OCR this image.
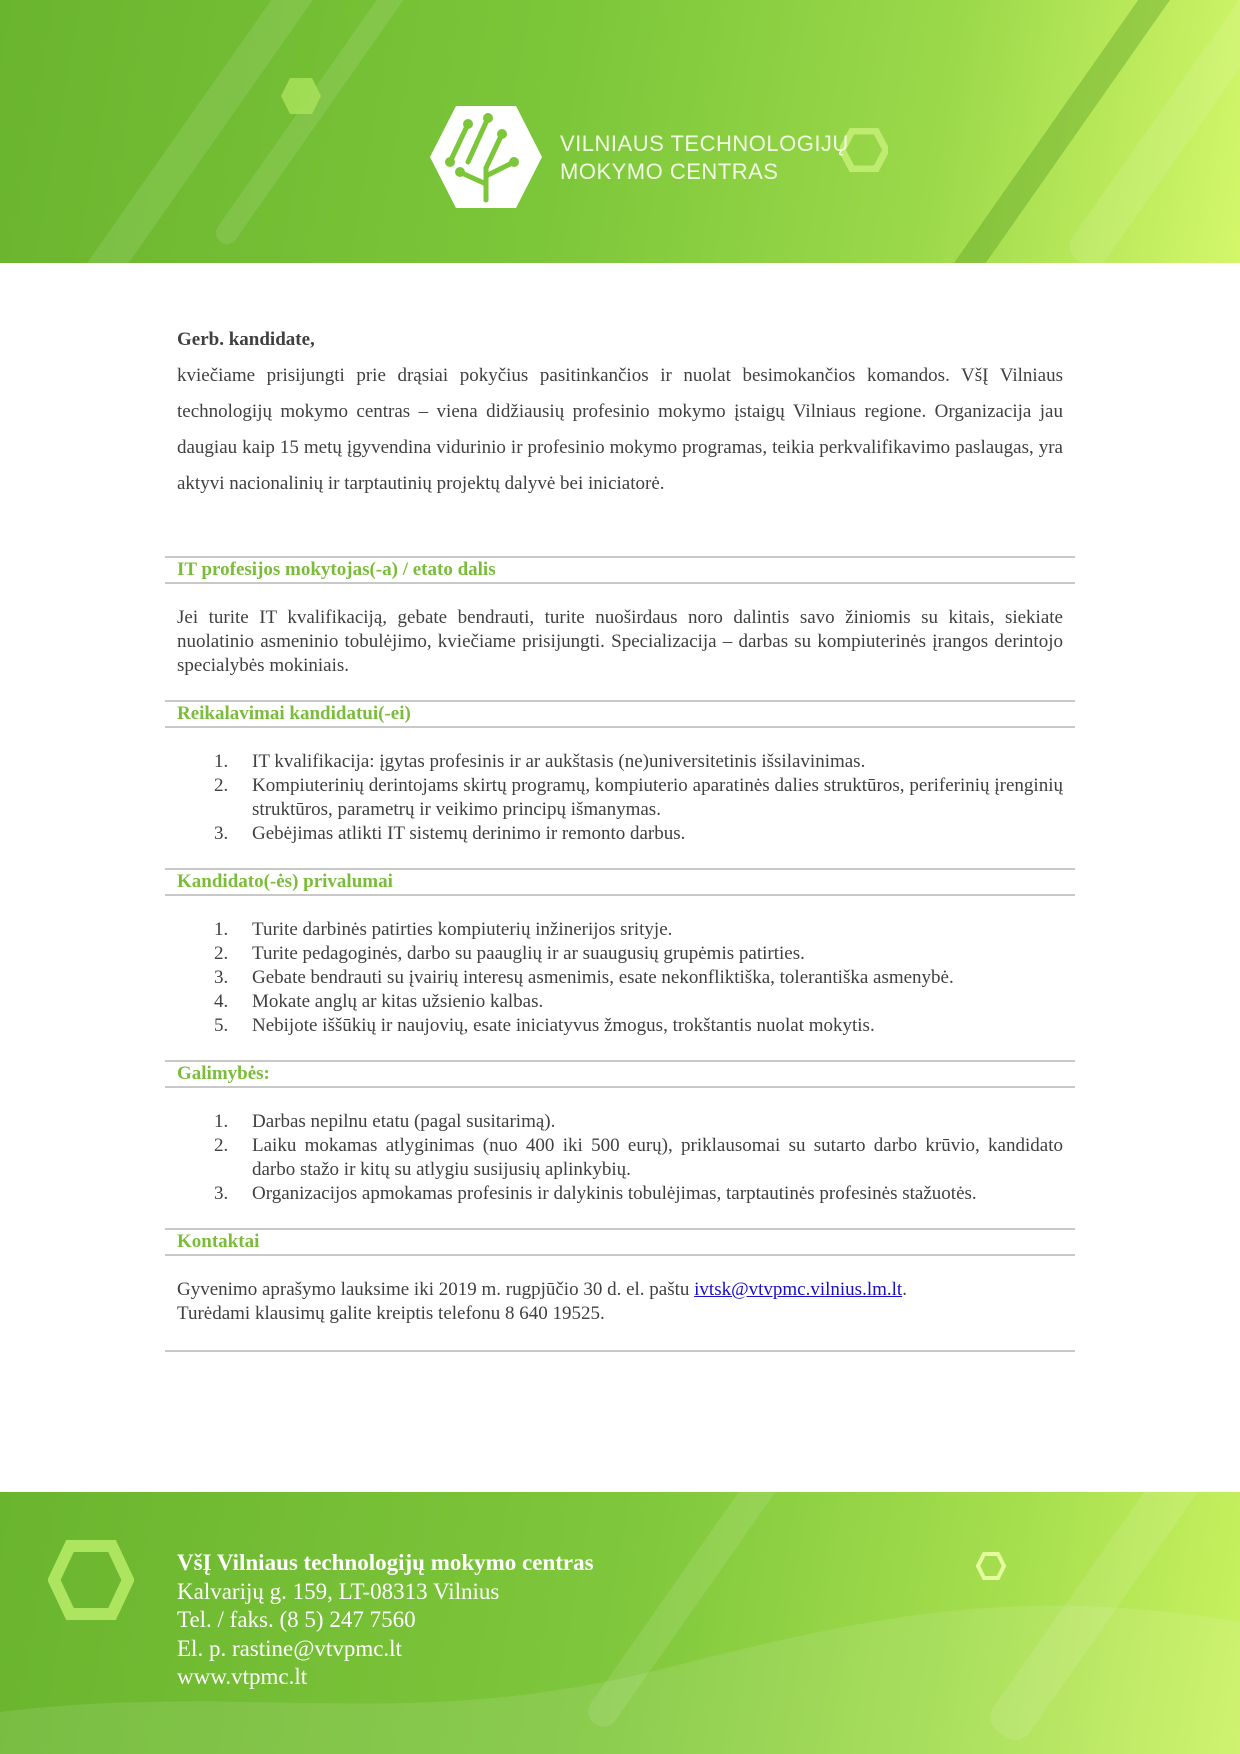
VILNIAUS TECHNOLOGIJŲ
MOKYMO CENTRAS
Gerb. kandidate,
kviečiame prisijungti prie drąsiai pokyčius pasitinkančios ir nuolat besimokančios komandos. VšĮ Vilniaus technologijų mokymo centras – viena didžiausių profesinio mokymo įstaigų Vilniaus regione. Organizacija jau daugiau kaip 15 metų įgyvendina vidurinio ir profesinio mokymo programas, teikia perkvalifikavimo paslaugas, yra aktyvi nacionalinių ir tarptautinių projektų dalyvė bei iniciatorė.
IT profesijos mokytojas(-a) / etato dalis
Jei turite IT kvalifikaciją, gebate bendrauti, turite nuoširdaus noro dalintis savo žiniomis su kitais, siekiate nuolatinio asmeninio tobulėjimo, kviečiame prisijungti. Specializacija – darbas su kompiuterinės įrangos derintojo specialybės mokiniais.
Reikalavimai kandidatui(-ei)
1. IT kvalifikacija: įgytas profesinis ir ar aukštasis (ne)universitetinis išsilavinimas.
2. Kompiuterinių derintojams skirtų programų, kompiuterio aparatinės dalies struktūros, periferinių įrenginių struktūros, parametrų ir veikimo principų išmanymas.
3. Gebėjimas atlikti IT sistemų derinimo ir remonto darbus.
Kandidato(-ės) privalumai
1. Turite darbinės patirties kompiuterių inžinerijos srityje.
2. Turite pedagoginės, darbo su paauglių ir ar suaugusių grupėmis patirties.
3. Gebate bendrauti su įvairių interesų asmenimis, esate nekonfliktiška, tolerantiška asmenybė.
4. Mokate anglų ar kitas užsienio kalbas.
5. Nebijote iššūkių ir naujovių, esate iniciatyvus žmogus, trokštantis nuolat mokytis.
Galimybės:
1. Darbas nepilnu etatu (pagal susitarimą).
2. Laiku mokamas atlyginimas (nuo 400 iki 500 eurų), priklausomai su sutarto darbo krūvio, kandidato darbo stažo ir kitų su atlygiu susijusių aplinkybių.
3. Organizacijos apmokamas profesinis ir dalykinis tobulėjimas, tarptautinės profesinės stažuotės.
Kontaktai
Gyvenimo aprašymo lauksime iki 2019 m. rugpjūčio 30 d. el. paštu ivtsk@vtvpmc.vilnius.lm.lt.
Turėdami klausimų galite kreiptis telefonu 8 640 19525.
VšĮ Vilniaus technologijų mokymo centras
Kalvarijų g. 159, LT-08313 Vilnius
Tel. / faks. (8 5) 247 7560
El. p. rastine@vtvpmc.lt
www.vtpmc.lt
